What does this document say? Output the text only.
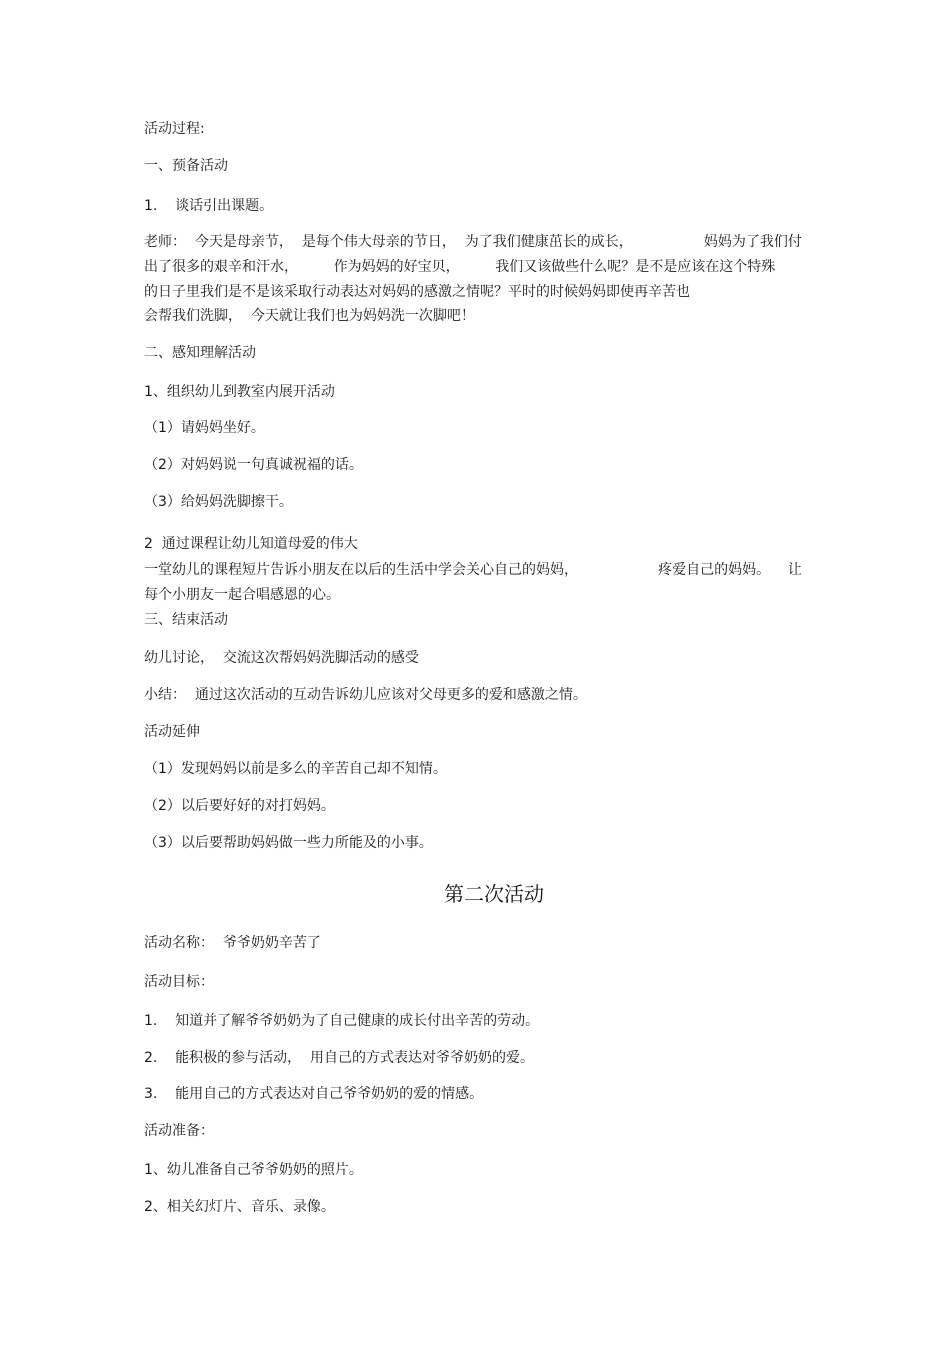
活动过程:

一、预备活动

1.    谈话引出课题。

老师：  今天是母亲节，  是每个伟大母亲的节日，  为了我们健康茁长的成长，                妈妈为了我们付

出了很多的艰辛和汗水，        作为妈妈的好宝贝，        我们又该做些什么呢？是不是应该在这个特殊

的日子里我们是不是该采取行动表达对妈妈的感激之情呢？平时的时候妈妈即使再辛苦也

会帮我们洗脚，  今天就让我们也为妈妈洗一次脚吧！

二、感知理解活动

1、组织幼儿到教室内展开活动

（1）请妈妈坐好。

（2）对妈妈说一句真诚祝福的话。

（3）给妈妈洗脚擦干。

2  通过课程让幼儿知道母爱的伟大

一堂幼儿的课程短片告诉小朋友在以后的生活中学会关心自己的妈妈，                  疼爱自己的妈妈。    让

每个小朋友一起合唱感恩的心。

三、结束活动

幼儿讨论，  交流这次帮妈妈洗脚活动的感受

小结：  通过这次活动的互动告诉幼儿应该对父母更多的爱和感激之情。

活动延伸

（1）发现妈妈以前是多么的辛苦自己却不知情。

（2）以后要好好的对打妈妈。

（3）以后要帮助妈妈做一些力所能及的小事。

第二次活动

活动名称：  爷爷奶奶辛苦了

活动目标：

1.    知道并了解爷爷奶奶为了自己健康的成长付出辛苦的劳动。

2.    能积极的参与活动，  用自己的方式表达对爷爷奶奶的爱。

3.    能用自己的方式表达对自己爷爷奶奶的爱的情感。

活动准备：

1、幼儿准备自己爷爷奶奶的照片。

2、相关幻灯片、音乐、录像。
